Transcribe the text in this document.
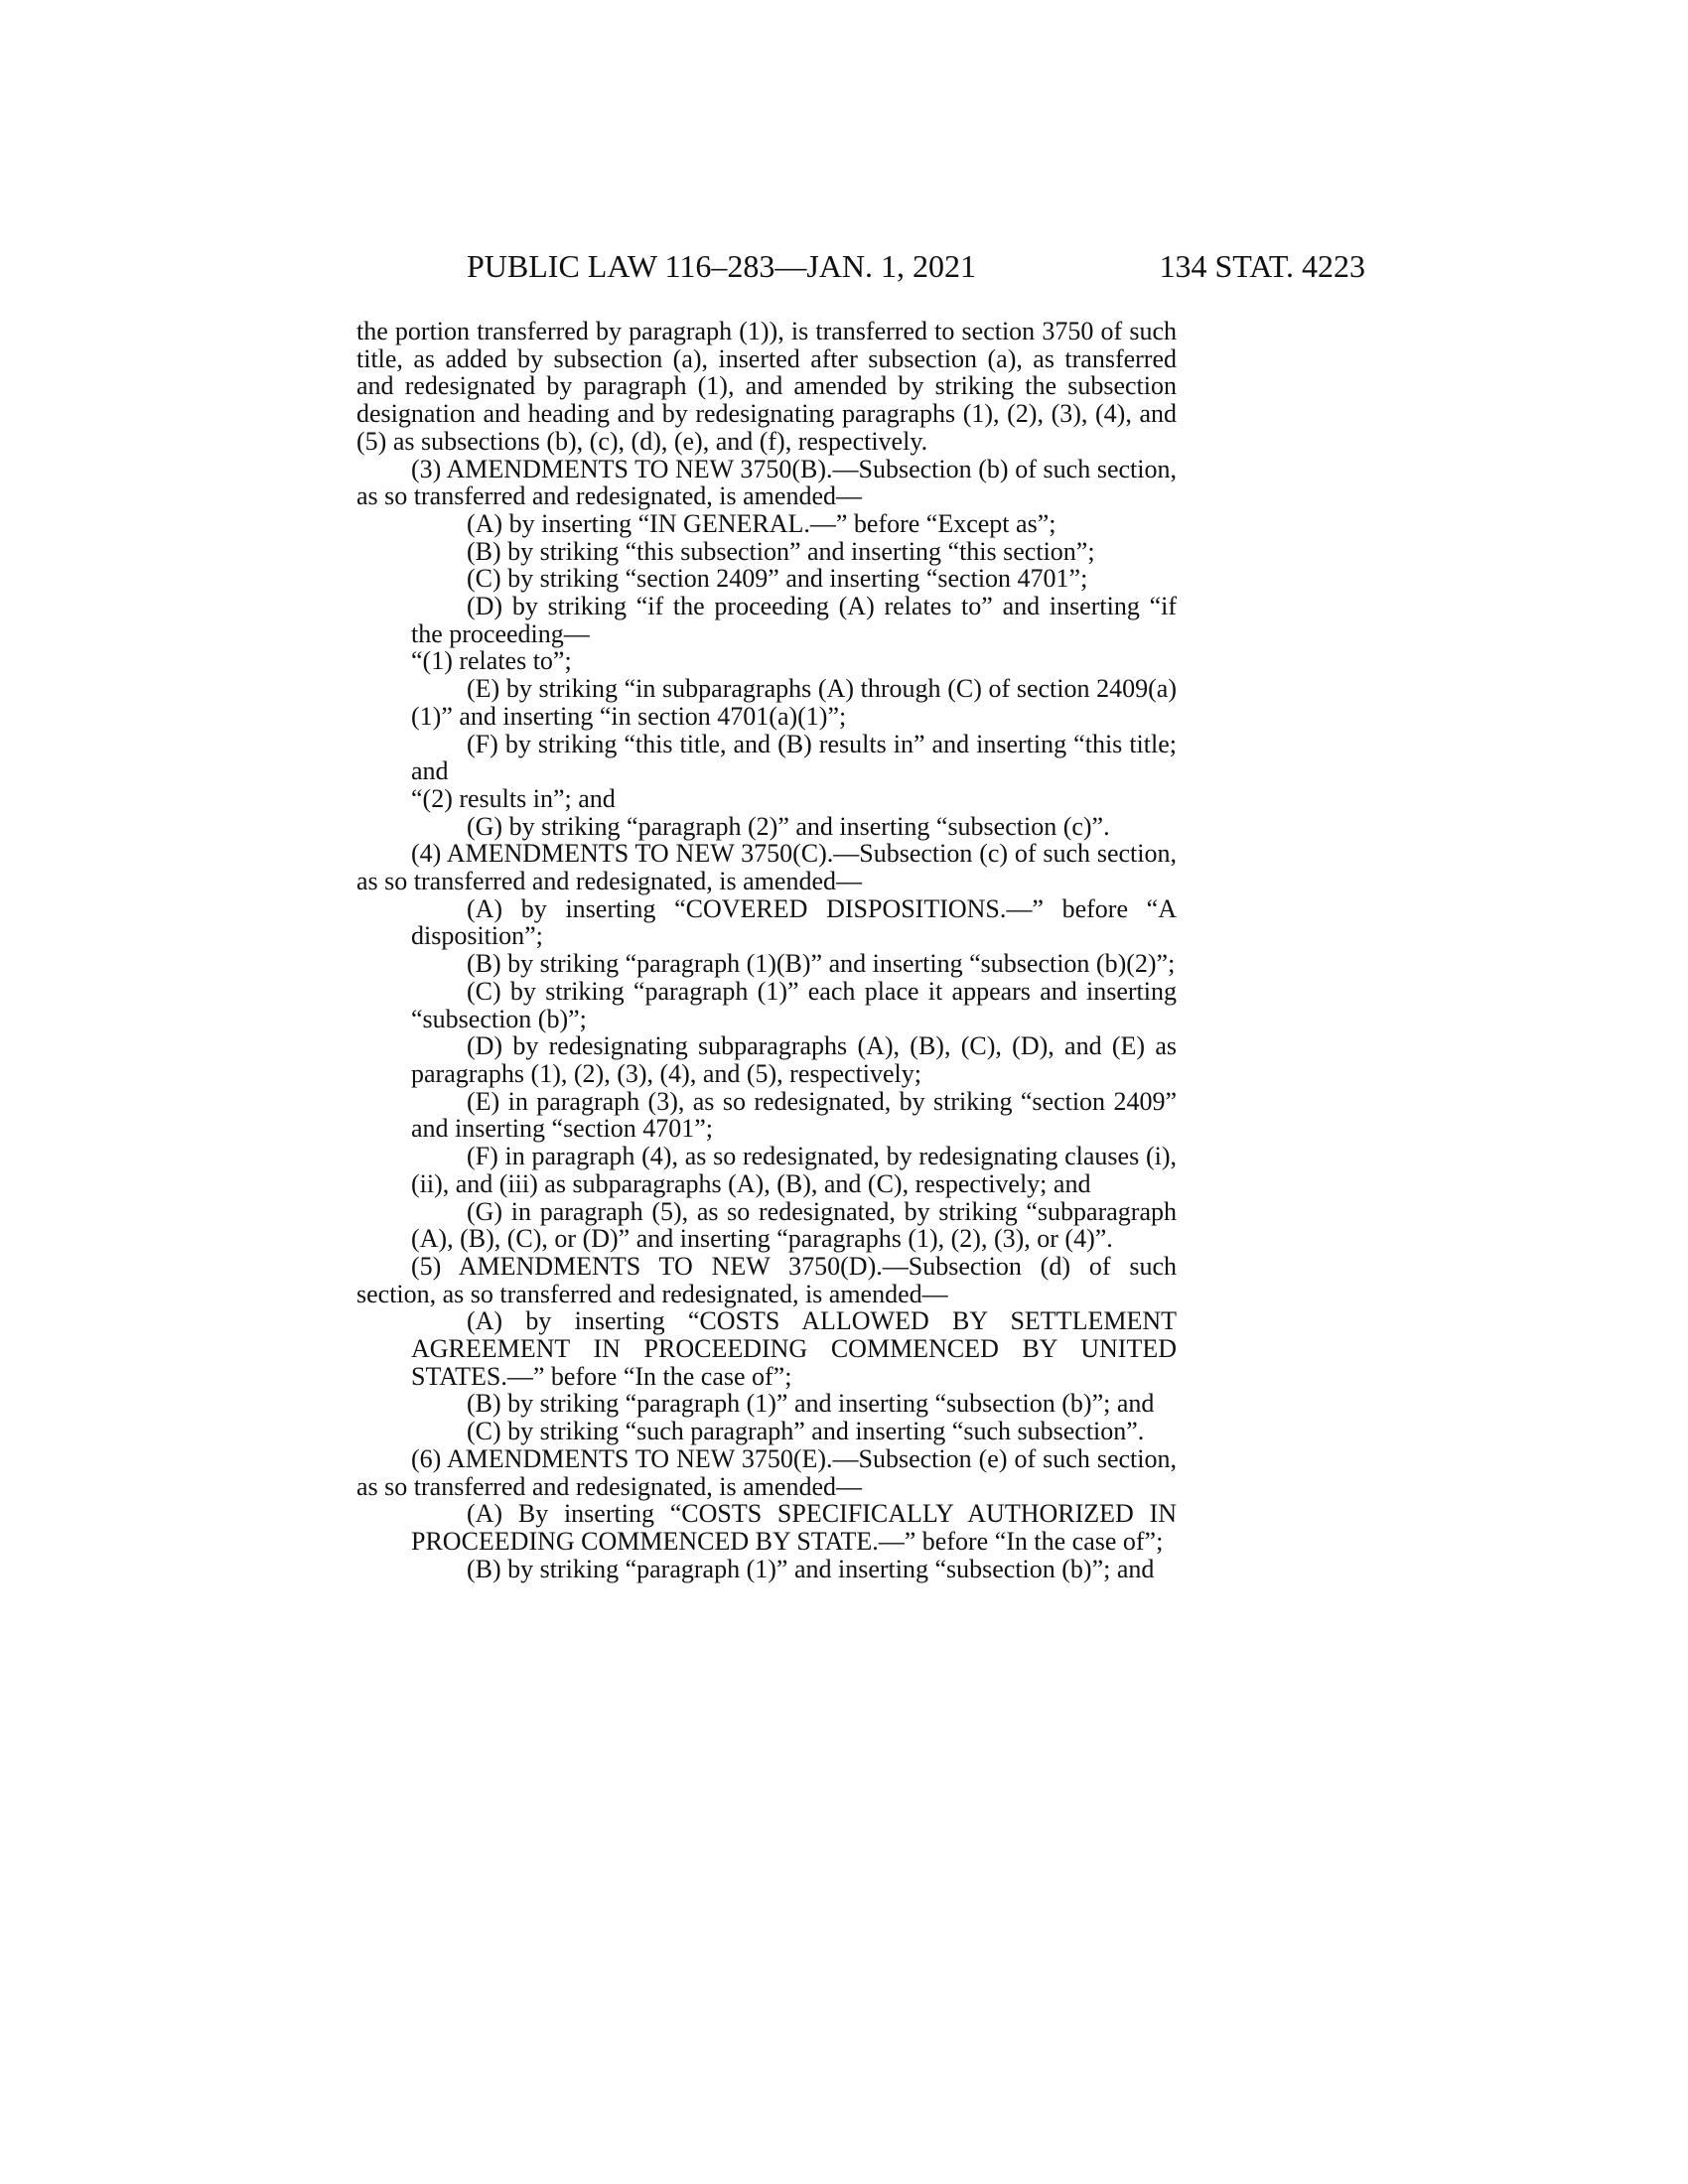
PUBLIC LAW 116–283—JAN. 1, 2021	134 STAT. 4223

the portion transferred by paragraph (1)), is transferred to section 3750 of such title, as added by subsection (a), inserted after subsection (a), as transferred and redesignated by paragraph (1), and amended by striking the subsection designation and heading and by redesignating paragraphs (1), (2), (3), (4), and (5) as subsections (b), (c), (d), (e), and (f), respectively.

(3) AMENDMENTS TO NEW 3750(B).—Subsection (b) of such section, as so transferred and redesignated, is amended—

(A) by inserting “IN GENERAL.—” before “Except as”;

(B) by striking “this subsection” and inserting “this section”;

(C) by striking “section 2409” and inserting “section 4701”;

(D) by striking “if the proceeding (A) relates to” and inserting “if the proceeding—

“(1) relates to”;

(E) by striking “in subparagraphs (A) through (C) of section 2409(a)(1)” and inserting “in section 4701(a)(1)”;

(F) by striking “this title, and (B) results in” and inserting “this title; and

“(2) results in”; and

(G) by striking “paragraph (2)” and inserting “subsection (c)”.

(4) AMENDMENTS TO NEW 3750(C).—Subsection (c) of such section, as so transferred and redesignated, is amended—

(A) by inserting “COVERED DISPOSITIONS.—” before “A disposition”;

(B) by striking “paragraph (1)(B)” and inserting “subsection (b)(2)”;

(C) by striking “paragraph (1)” each place it appears and inserting “subsection (b)”;

(D) by redesignating subparagraphs (A), (B), (C), (D), and (E) as paragraphs (1), (2), (3), (4), and (5), respectively;

(E) in paragraph (3), as so redesignated, by striking “section 2409” and inserting “section 4701”;

(F) in paragraph (4), as so redesignated, by redesignating clauses (i), (ii), and (iii) as subparagraphs (A), (B), and (C), respectively; and

(G) in paragraph (5), as so redesignated, by striking “subparagraph (A), (B), (C), or (D)” and inserting “paragraphs (1), (2), (3), or (4)”.

(5) AMENDMENTS TO NEW 3750(D).—Subsection (d) of such section, as so transferred and redesignated, is amended—

(A) by inserting “COSTS ALLOWED BY SETTLEMENT AGREEMENT IN PROCEEDING COMMENCED BY UNITED STATES.—” before “In the case of”;

(B) by striking “paragraph (1)” and inserting “subsection (b)”; and

(C) by striking “such paragraph” and inserting “such subsection”.

(6) AMENDMENTS TO NEW 3750(E).—Subsection (e) of such section, as so transferred and redesignated, is amended—

(A) By inserting “COSTS SPECIFICALLY AUTHORIZED IN PROCEEDING COMMENCED BY STATE.—” before “In the case of”;

(B) by striking “paragraph (1)” and inserting “subsection (b)”; and
